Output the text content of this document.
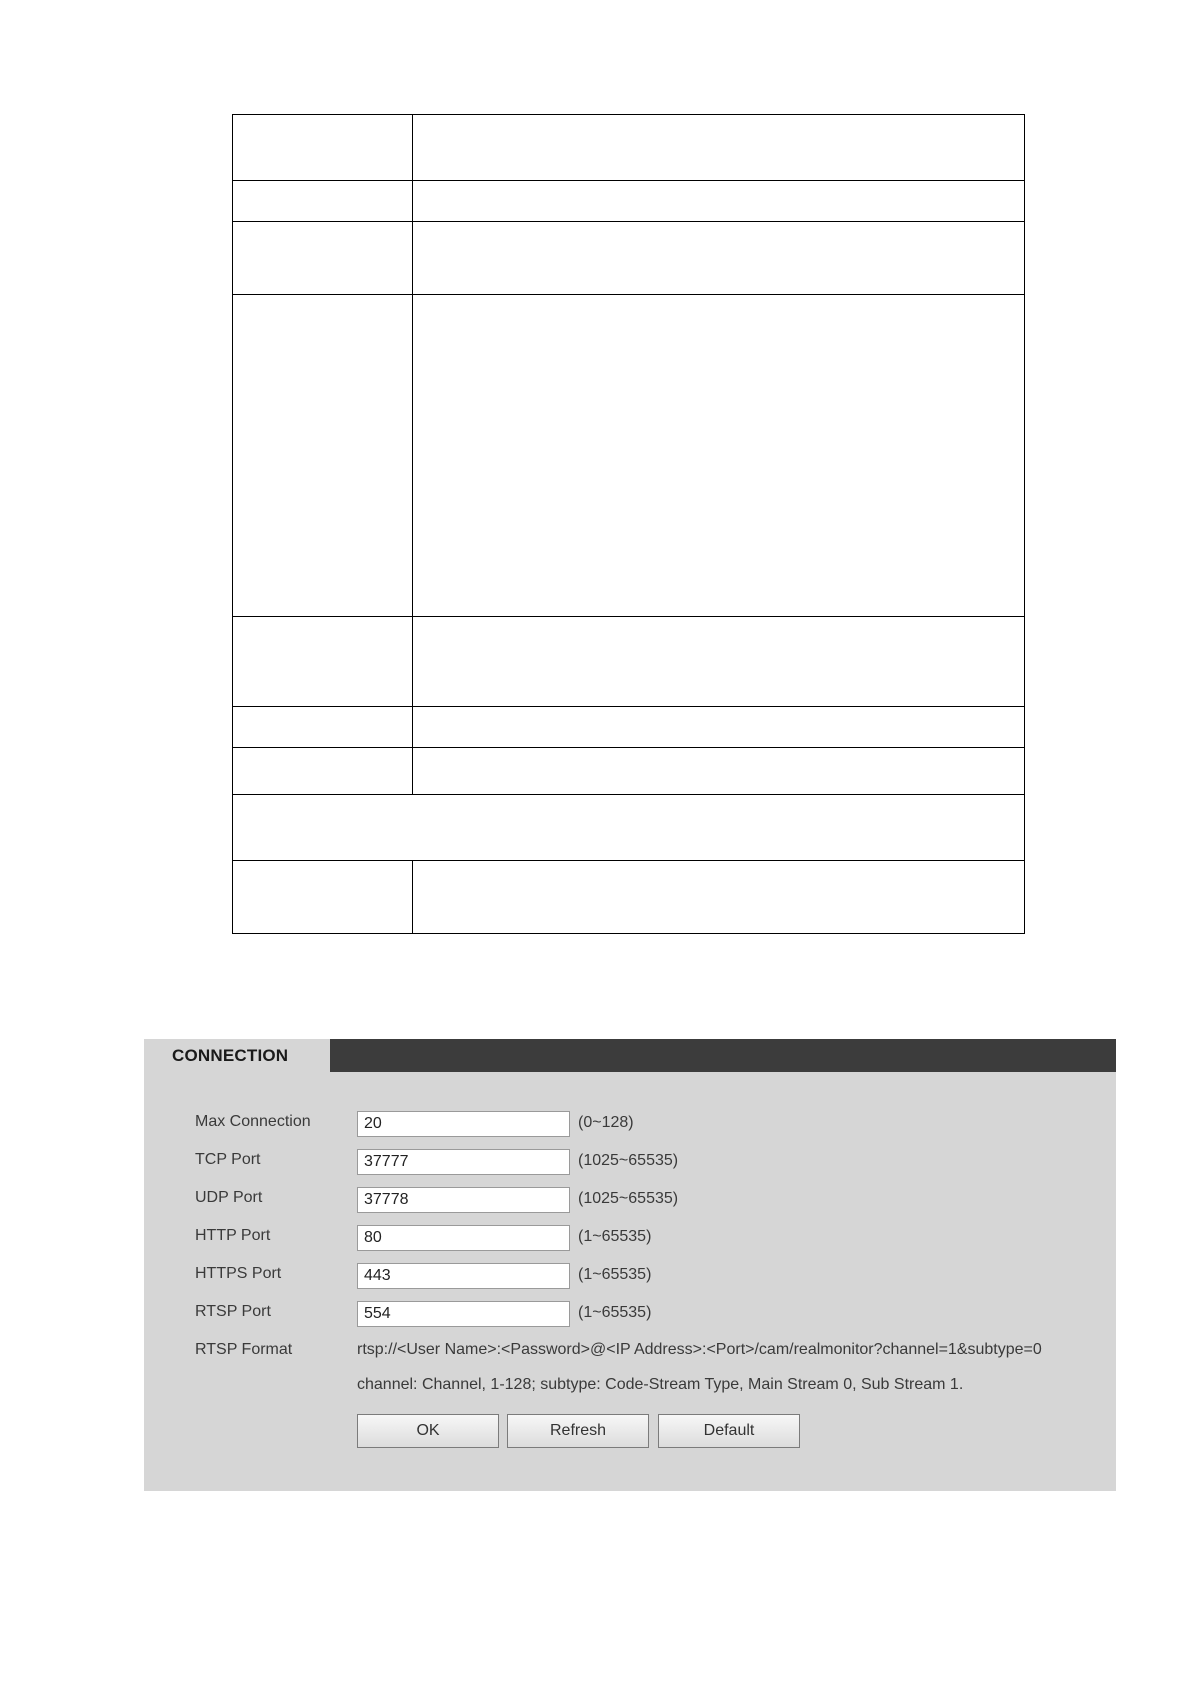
CONNECTION
Max Connection	20	(0~128)
TCP Port	37777	(1025~65535)
UDP Port	37778	(1025~65535)
HTTP Port	80	(1~65535)
HTTPS Port	443	(1~65535)
RTSP Port	554	(1~65535)
RTSP Format	rtsp://<User Name>:<Password>@<IP Address>:<Port>/cam/realmonitor?channel=1&subtype=0
channel: Channel, 1-128; subtype: Code-Stream Type, Main Stream 0, Sub Stream 1.
OK	Refresh	Default
